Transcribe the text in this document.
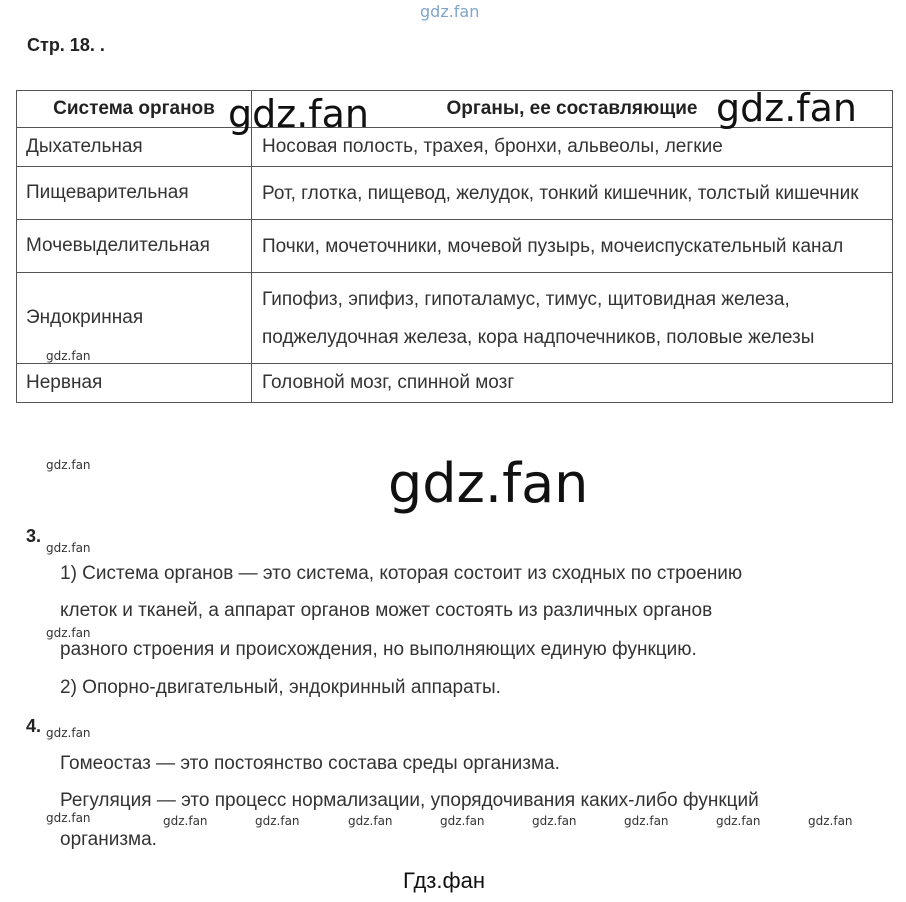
gdz.fan
Стр. 18. .
Система органов	Органы, ее составляющие
Дыхательная	Носовая полость, трахея, бронхи, альвеолы, легкие
Пищеварительная	Рот, глотка, пищевод, желудок, тонкий кишечник, толстый кишечник
Мочевыделительная	Почки, мочеточники, мочевой пузырь, мочеиспускательный канал
Эндокринная	Гипофиз, эпифиз, гипоталамус, тимус, щитовидная железа, поджелудочная железа, кора надпочечников, половые железы
Нервная	Головной мозг, спинной мозг
gdz.fan	gdz.fan
gdz.fan
3.
1) Система органов — это система, которая состоит из сходных по строению
клеток и тканей, а аппарат органов может состоять из различных органов
разного строения и происхождения, но выполняющих единую функцию.
2) Опорно-двигательный, эндокринный аппараты.
4.
Гомеостаз — это постоянство состава среды организма.
Регуляция — это процесс нормализации, упорядочивания каких-либо функций
организма.
gdz.fan
gdz.fan
gdz.fan
gdz.fan
gdz.fan
gdz.fan	gdz.fan	gdz.fan	gdz.fan	gdz.fan	gdz.fan	gdz.fan	gdz.fan	gdz.fan
Гдз.фан
